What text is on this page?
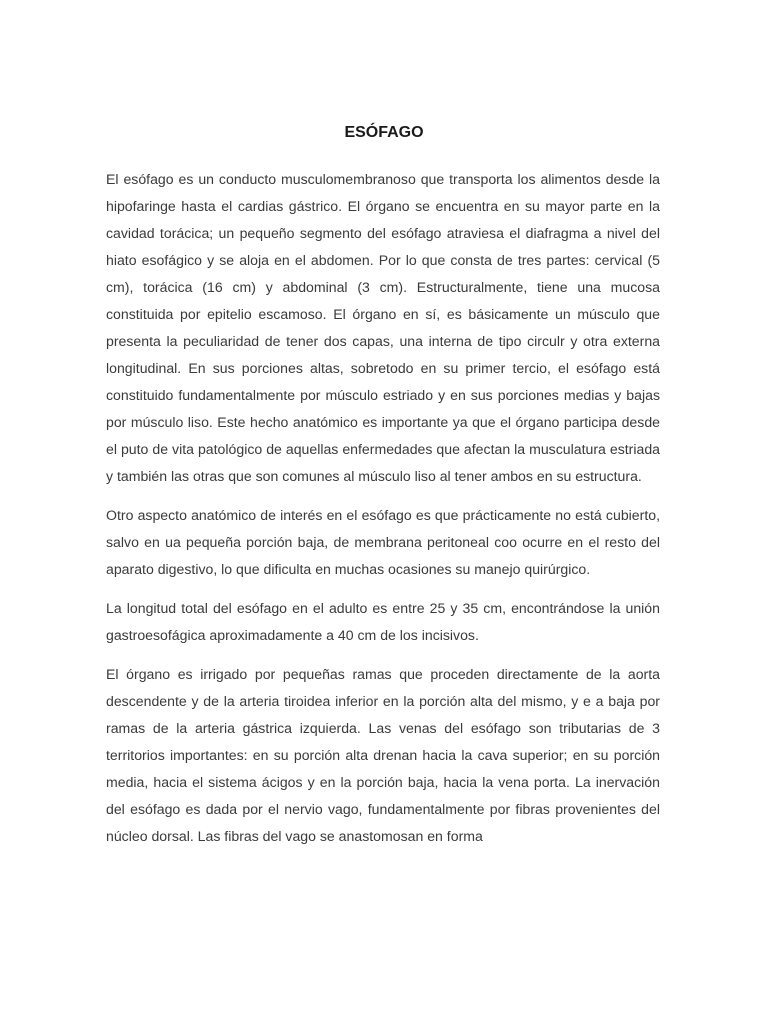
ESÓFAGO

El esófago es un conducto musculomembranoso que transporta los alimentos desde la hipofaringe hasta el cardias gástrico. El órgano se encuentra en su mayor parte en la cavidad torácica; un pequeño segmento del esófago atraviesa el diafragma a nivel del hiato esofágico y se aloja en el abdomen. Por lo que consta de tres partes: cervical (5 cm), torácica (16 cm) y abdominal (3 cm). Estructuralmente, tiene una mucosa constituida por epitelio escamoso. El órgano en sí, es básicamente un músculo que presenta la peculiaridad de tener dos capas, una interna de tipo circulr y otra externa longitudinal. En sus porciones altas, sobretodo en su primer tercio, el esófago está constituido fundamentalmente por músculo estriado y en sus porciones medias y bajas por músculo liso. Este hecho anatómico es importante ya que el órgano participa desde el puto de vita patológico de aquellas enfermedades que afectan la musculatura estriada y también las otras que son comunes al músculo liso al tener ambos en su estructura.

Otro aspecto anatómico de interés en el esófago es que prácticamente no está cubierto, salvo en ua pequeña porción baja, de membrana peritoneal coo ocurre en el resto del aparato digestivo, lo que dificulta en muchas ocasiones su manejo quirúrgico.

La longitud total del esófago en el adulto es entre 25 y 35 cm, encontrándose la unión gastroesofágica aproximadamente a 40 cm de los incisivos.

El órgano es irrigado por pequeñas ramas que proceden directamente de la aorta descendente y de la arteria tiroidea inferior en la porción alta del mismo, y e a baja por ramas de la arteria gástrica izquierda. Las venas del esófago son tributarias de 3 territorios importantes: en su porción alta drenan hacia la cava superior; en su porción media, hacia el sistema ácigos y en la porción baja, hacia la vena porta. La inervación del esófago es dada por el nervio vago, fundamentalmente por fibras provenientes del núcleo dorsal. Las fibras del vago se anastomosan en forma
